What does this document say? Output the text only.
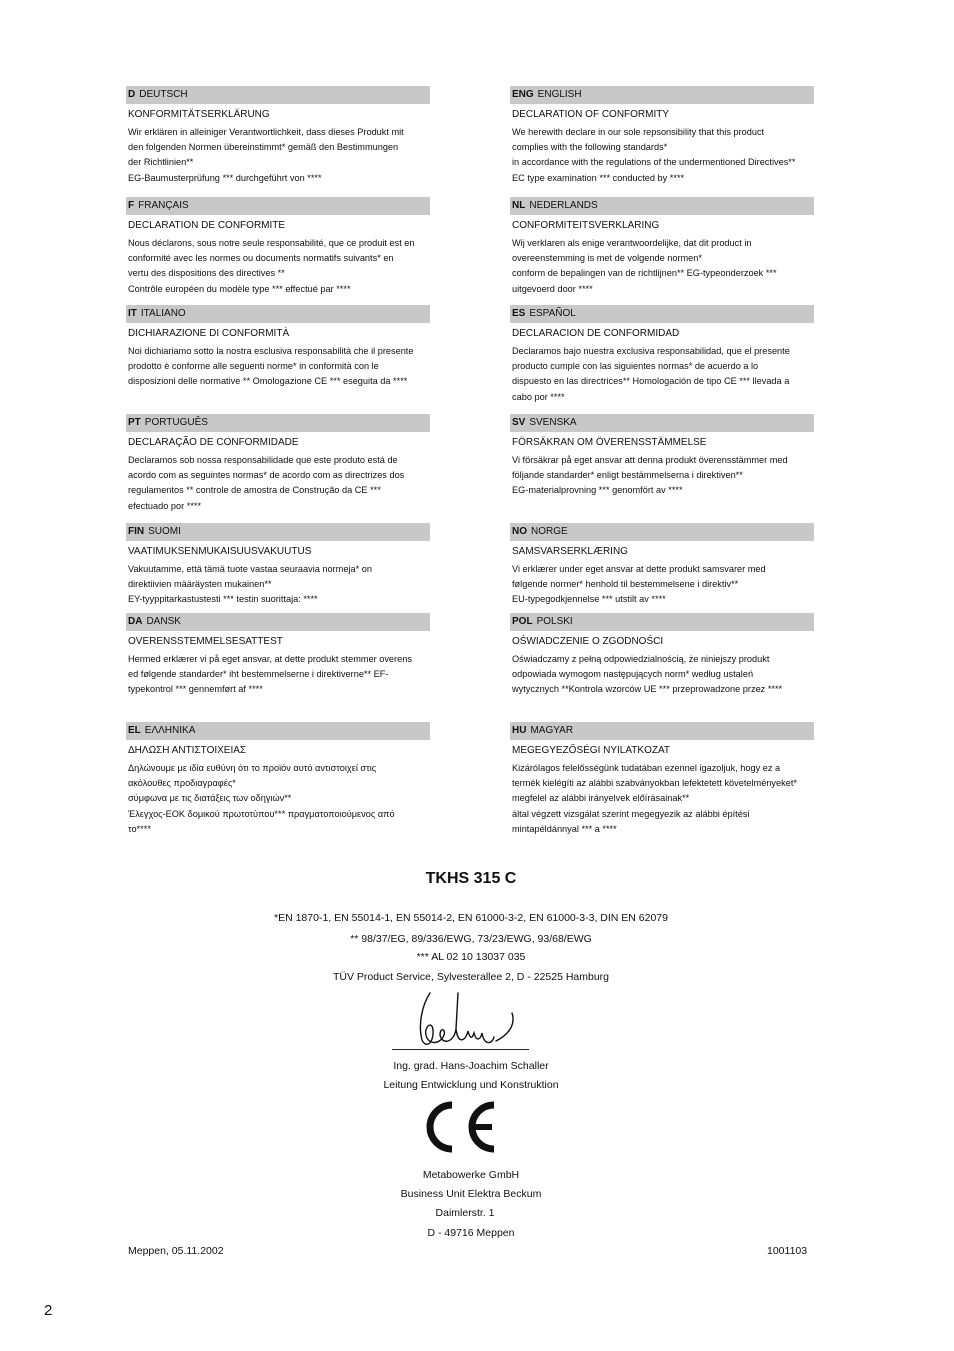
D DEUTSCH
KONFORMITÄTSERKLÄRUNG
Wir erklären in alleiniger Verantwortlichkeit, dass dieses Produkt mit
den folgenden Normen übereinstimmt* gemäß den Bestimmungen
der Richtlinien**
EG-Baumusterprüfung *** durchgeführt von ****
F FRANÇAIS
DECLARATION DE CONFORMITE
Nous déclarons, sous notre seule responsabilité, que ce produit est en
conformité avec les normes ou documents normatifs suivants* en
vertu des dispositions des directives **
Contrôle européen du modèle type *** effectué par ****
IT ITALIANO
DICHIARAZIONE DI CONFORMITÀ
Noi dichiariamo sotto la nostra esclusiva responsabilità che il presente
prodotto è conforme alle seguenti norme* in conformità con le
disposizioni delle normative ** Omologazione CE *** eseguita da ****
PT PORTUGUÊS
DECLARAÇÃO DE CONFORMIDADE
Declaramos sob nossa responsabilidade que este produto está de
acordo com as seguintes normas* de acordo com as directrizes dos
regulamentos ** controle de amostra de Construção da CE ***
efectuado por ****
FIN SUOMI
VAATIMUKSENMUKAISUUSVAKUUTUS
Vakuutamme, että tämä tuote vastaa seuraavia normeja* on
direktiivien määräysten mukainen**
EY-tyyppitarkastustesti *** testin suorittaja: ****
DA DANSK
OVERENSSTEMMELSESATTEST
Hermed erklærer vi på eget ansvar, at dette produkt stemmer overens
ed følgende standarder* iht bestemmelserne i direktiverne** EF-
typekontrol *** gennemført af ****
EL ΕΛΛΗΝΙΚΑ
ΔΗΛΩΣΗ ΑΝΤΙΣΤΟΙΧΕΙΑΣ
Δηλώνουμε με ιδία ευθύνη ότι το προϊόν αυτό αντιστοιχεί στις
ακόλουθες προδιαγραφές*
σύμφωνα με τις διατάξεις των οδηγιών**
Έλεγχος-ΕΟΚ δομικού πρωτοτύπου*** πραγματοποιούμενος από
το****
ENG ENGLISH
DECLARATION OF CONFORMITY
We herewith declare in our sole repsonsibility that this product
complies with the following standards*
in accordance with the regulations of the undermentioned Directives**
EC type examination *** conducted by ****
NL NEDERLANDS
CONFORMITEITSVERKLARING
Wij verklaren als enige verantwoordelijke, dat dit product in
overeenstemming is met de volgende normen*
conform de bepalingen van de richtlijnen** EG-typeonderzoek ***
uitgevoerd door ****
ES ESPAÑOL
DECLARACION DE CONFORMIDAD
Declaramos bajo nuestra exclusiva responsabilidad, que el presente
producto cumple con las siguientes normas* de acuerdo a lo
dispuesto en las directrices** Homologación de tipo CE *** llevada a
cabo por ****
SV SVENSKA
FÖRSÄKRAN OM ÖVERENSSTÄMMELSE
Vi försäkrar på eget ansvar att denna produkt överensstämmer med
följande standarder* enligt bestämmelserna i direktiven**
EG-materialprovning *** genomfört av ****
NO NORGE
SAMSVARSERKLÆRING
Vi erklærer under eget ansvar at dette produkt samsvarer med
følgende normer* henhold til bestemmelsene i direktiv**
EU-typegodkjennelse *** utstilt av ****
POL POLSKI
OŚWIADCZENIE O ZGODNOŚCI
Oświadczamy z pełną odpowiedzialnością, że niniejszy produkt
odpowiada wymogom następujących norm* według ustaleń
wytycznych **Kontrola wzorców UE *** przeprowadzone przez ****
HU MAGYAR
MEGEGYEZŐSÉGI NYILATKOZAT
Kizárólagos felelősségünk tudatában ezennel igazoljuk, hogy ez a
termék kielégíti az alábbi szabványokban lefektetett követelményeket*
megfelel az alábbi irányelvek előírásainak**
által végzett vizsgálat szerint megegyezik az alábbi építési
mintapéldánnyal *** a ****
TKHS 315 C
*EN 1870-1, EN 55014-1, EN 55014-2, EN 61000-3-2, EN 61000-3-3, DIN EN 62079
** 98/37/EG, 89/336/EWG, 73/23/EWG, 93/68/EWG
*** AL 02 10 13037 035
TÜV Product Service, Sylvesterallee 2, D - 22525 Hamburg
Ing. grad. Hans-Joachim Schaller
Leitung Entwicklung und Konstruktion
Metabowerke GmbH
Business Unit Elektra Beckum
Daimlerstr. 1
D - 49716 Meppen
Meppen, 05.11.2002	1001103
2
